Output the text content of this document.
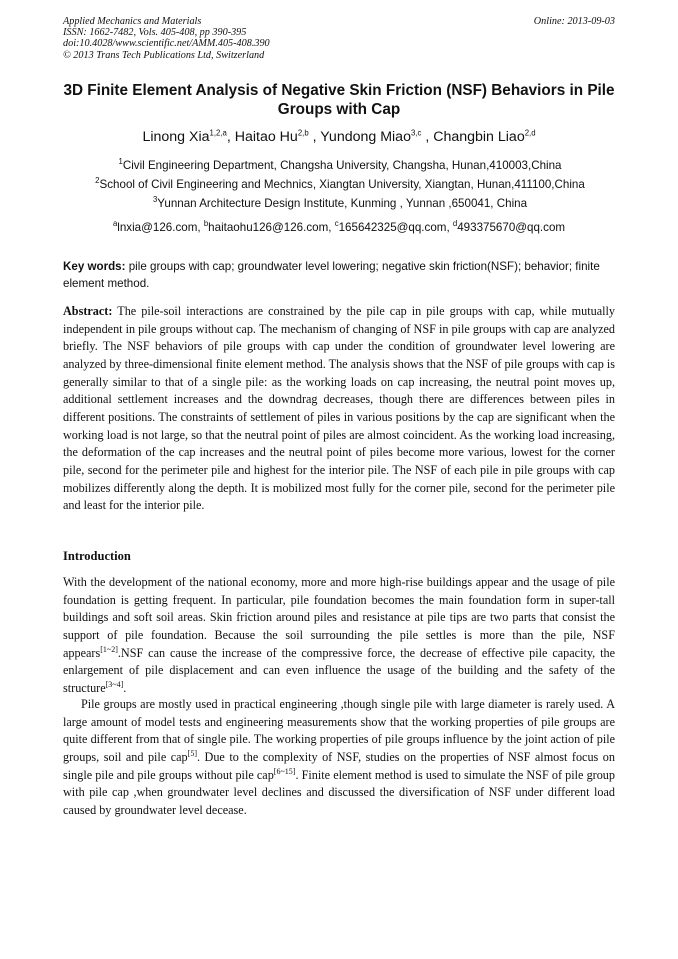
Applied Mechanics and Materials
ISSN: 1662-7482, Vols. 405-408, pp 390-395
doi:10.4028/www.scientific.net/AMM.405-408.390
© 2013 Trans Tech Publications Ltd, Switzerland
Online: 2013-09-03
3D Finite Element Analysis of Negative Skin Friction (NSF) Behaviors in Pile Groups with Cap
Linong Xia$^{1,2,a}$, Haitao Hu$^{2,b}$ , Yundong Miao$^{3,c}$ , Changbin Liao$^{2,d}$
$^1$Civil Engineering Department, Changsha University, Changsha, Hunan,410003,China
$^2$School of Civil Engineering and Mechnics, Xiangtan University, Xiangtan, Hunan,411100,China
$^3$Yunnan Architecture Design Institute, Kunming , Yunnan ,650041, China
$^a$lnxia@126.com, $^b$haitaohu126@126.com, $^c$165642325@qq.com, $^d$493375670@qq.com
Key words: pile groups with cap; groundwater level lowering; negative skin friction(NSF); behavior; finite element method.

Abstract: The pile-soil interactions are constrained by the pile cap in pile groups with cap, while mutually independent in pile groups without cap. The mechanism of changing of NSF in pile groups with cap are analyzed briefly. The NSF behaviors of pile groups with cap under the condition of groundwater level lowering are analyzed by three-dimensional finite element method. The analysis shows that the NSF of pile groups with cap is generally similar to that of a single pile: as the working loads on cap increasing, the neutral point moves up, additional settlement increases and the downdrag decreases, though there are differences between piles in different positions. The constraints of settlement of piles in various positions by the cap are significant when the working load is not large, so that the neutral point of piles are almost coincident. As the working load increasing, the deformation of the cap increases and the neutral point of piles become more various, lowest for the corner pile, second for the perimeter pile and highest for the interior pile. The NSF of each pile in pile groups with cap mobilizes differently along the depth. It is mobilized most fully for the corner pile, second for the perimeter pile and least for the interior pile.

Introduction

With the development of the national economy, more and more high-rise buildings appear and the usage of pile foundation is getting frequent. In particular, pile foundation becomes the main foundation form in super-tall buildings and soft soil areas. Skin friction around piles and resistance at pile tips are two parts that consist the support of pile foundation. Because the soil surrounding the pile settles is more than the pile, NSF appears[1~2].NSF can cause the increase of the compressive force, the decrease of effective pile capacity, the enlargement of pile displacement and can even influence the usage of the building and the safety of the structure[3~4].

Pile groups are mostly used in practical engineering ,though single pile with large diameter is rarely used. A large amount of model tests and engineering measurements show that the working properties of pile groups are quite different from that of single pile. The working properties of pile groups influence by the joint action of pile groups, soil and pile cap[5]. Due to the complexity of NSF, studies on the properties of NSF almost focus on single pile and pile groups without pile cap[6~15]. Finite element method is used to simulate the NSF of pile group with pile cap ,when groundwater level declines and discussed the diversification of NSF under different load caused by groundwater level decease.
